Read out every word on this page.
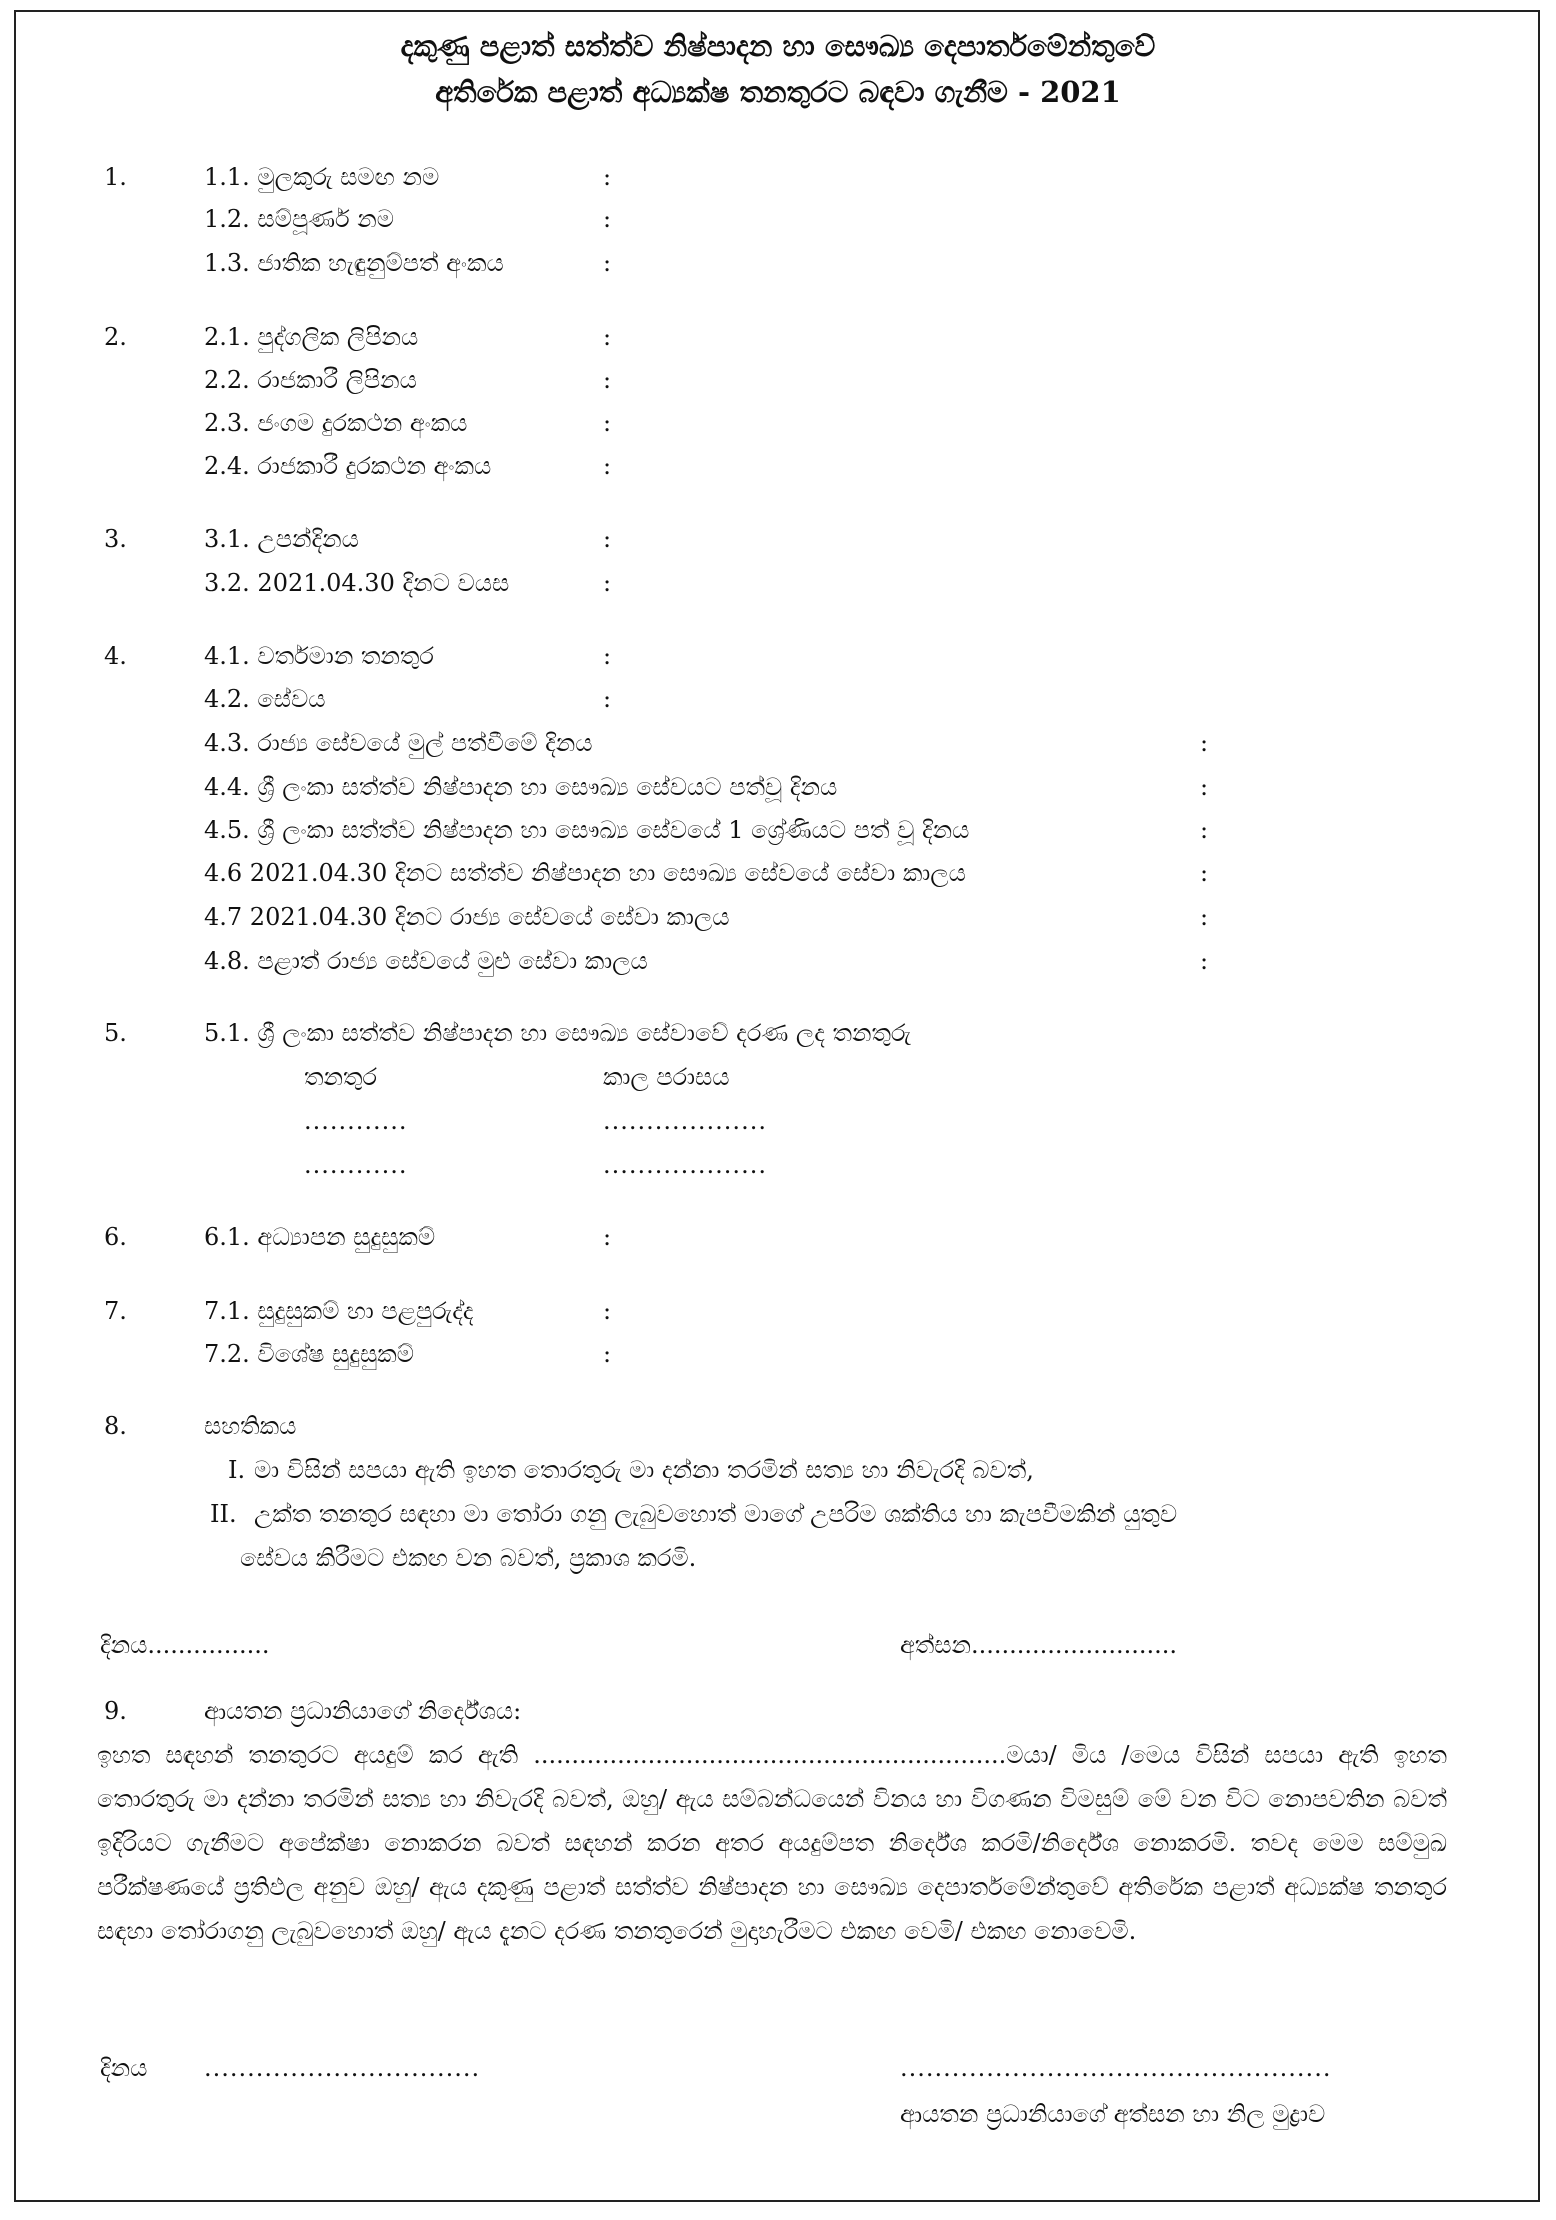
දකුණු පළාත් සත්ත්ව නිෂ්පාදන හා සෞඛ්‍ය දෙපාර්තමේන්තුවේ
අතිරේක පළාත් අධ්‍යක්ෂ තනතුරට බඳවා ගැනීම - 2021
1.	1.1. මුලකුරු සමඟ නම	:
1.2. සම්පූර්ණ නම	:
1.3. ජාතික හැඳුනුම්පත් අංකය	:
2.	2.1. පුද්ගලික ලිපිනය	:
2.2. රාජකාරී ලිපිනය	:
2.3. ජංගම දුරකථන අංකය	:
2.4. රාජකාරී දුරකථන අංකය	:
3.	3.1. උපන්දිනය	:
3.2. 2021.04.30 දිනට වයස	:
4.	4.1. වර්තමාන තනතුර	:
4.2. සේවය	:
4.3. රාජ්‍ය සේවයේ මුල් පත්වීමේ දිනය	:
4.4. ශ්‍රී ලංකා සත්ත්ව නිෂ්පාදන හා සෞඛ්‍ය සේවයට පත්වූ දිනය	:
4.5. ශ්‍රී ලංකා සත්ත්ව නිෂ්පාදන හා සෞඛ්‍ය සේවයේ 1 ශ්‍රේණියට පත් වූ දිනය	:
4.6 2021.04.30 දිනට සත්ත්ව නිෂ්පාදන හා සෞඛ්‍ය සේවයේ සේවා කාලය	:
4.7 2021.04.30 දිනට රාජ්‍ය සේවයේ සේවා කාලය	:
4.8. පළාත් රාජ්‍ය සේවයේ මුළු සේවා කාලය	:
5.	5.1. ශ්‍රී ලංකා සත්ත්ව නිෂ්පාදන හා සෞඛ්‍ය සේවාවේ දරණ ලද තනතුරු
තනතුර	කාල පරාසය
............	...................
............	...................
6.	6.1. අධ්‍යාපන සුදුසුකම්	:
7.	7.1. සුදුසුකම් හා පළපුරුද්ද	:
7.2. විශේෂ සුදුසුකම්	:
8.	සහතිකය
I. මා විසින් සපයා ඇති ඉහත තොරතුරු මා දන්නා තරමින් සත්‍ය හා නිවැරදි බවත්,
II. උක්ත තනතුර සඳහා මා තෝරා ගනු ලැබුවහොත් මාගේ උපරිම ශක්තිය හා කැපවීමකින් යුතුව
සේවය කිරීමට එකඟ වන බවත්, ප්‍රකාශ කරමි.
දිනය................	අත්සන...........................
9.	ආයතන ප්‍රධානියාගේ නිර්දේශය:
ඉහත සඳහන් තනතුරට අයදුම් කර ඇති ..............................................................මයා/ මිය /මෙය විසින් සපයා ඇති ඉහත තොරතුරු මා දන්නා තරමින් සත්‍ය හා නිවැරදි බවත්, ඔහු/ ඇය සම්බන්ධයෙන් විනය හා විගණන විමසුම් මේ වන විට නොපවතින බවත් ඉදිරියට ගැනීමට අපේක්ෂා නොකරන බවත් සඳහන් කරන අතර අයදුම්පත නිර්දේශ කරමි/නිර්දේශ නොකරමි. තවද මෙම සම්මුඛ පරීක්ෂණයේ ප්‍රතිඵල අනුව ඔහු/ ඇය දකුණු පළාත් සත්ත්ව නිෂ්පාදන හා සෞඛ්‍ය දෙපාර්තමේන්තුවේ අතිරේක පළාත් අධ්‍යක්ෂ තනතුර සඳහා තෝරාගනු ලැබුවහොත් ඔහු/ ඇය දැනට දරණ තනතුරෙන් මුදාහැරීමට එකඟ වෙමි/ එකඟ නොවෙමි.
දිනය ................................	..................................................
ආයතන ප්‍රධානියාගේ අත්සන හා නිල මුද්‍රාව
